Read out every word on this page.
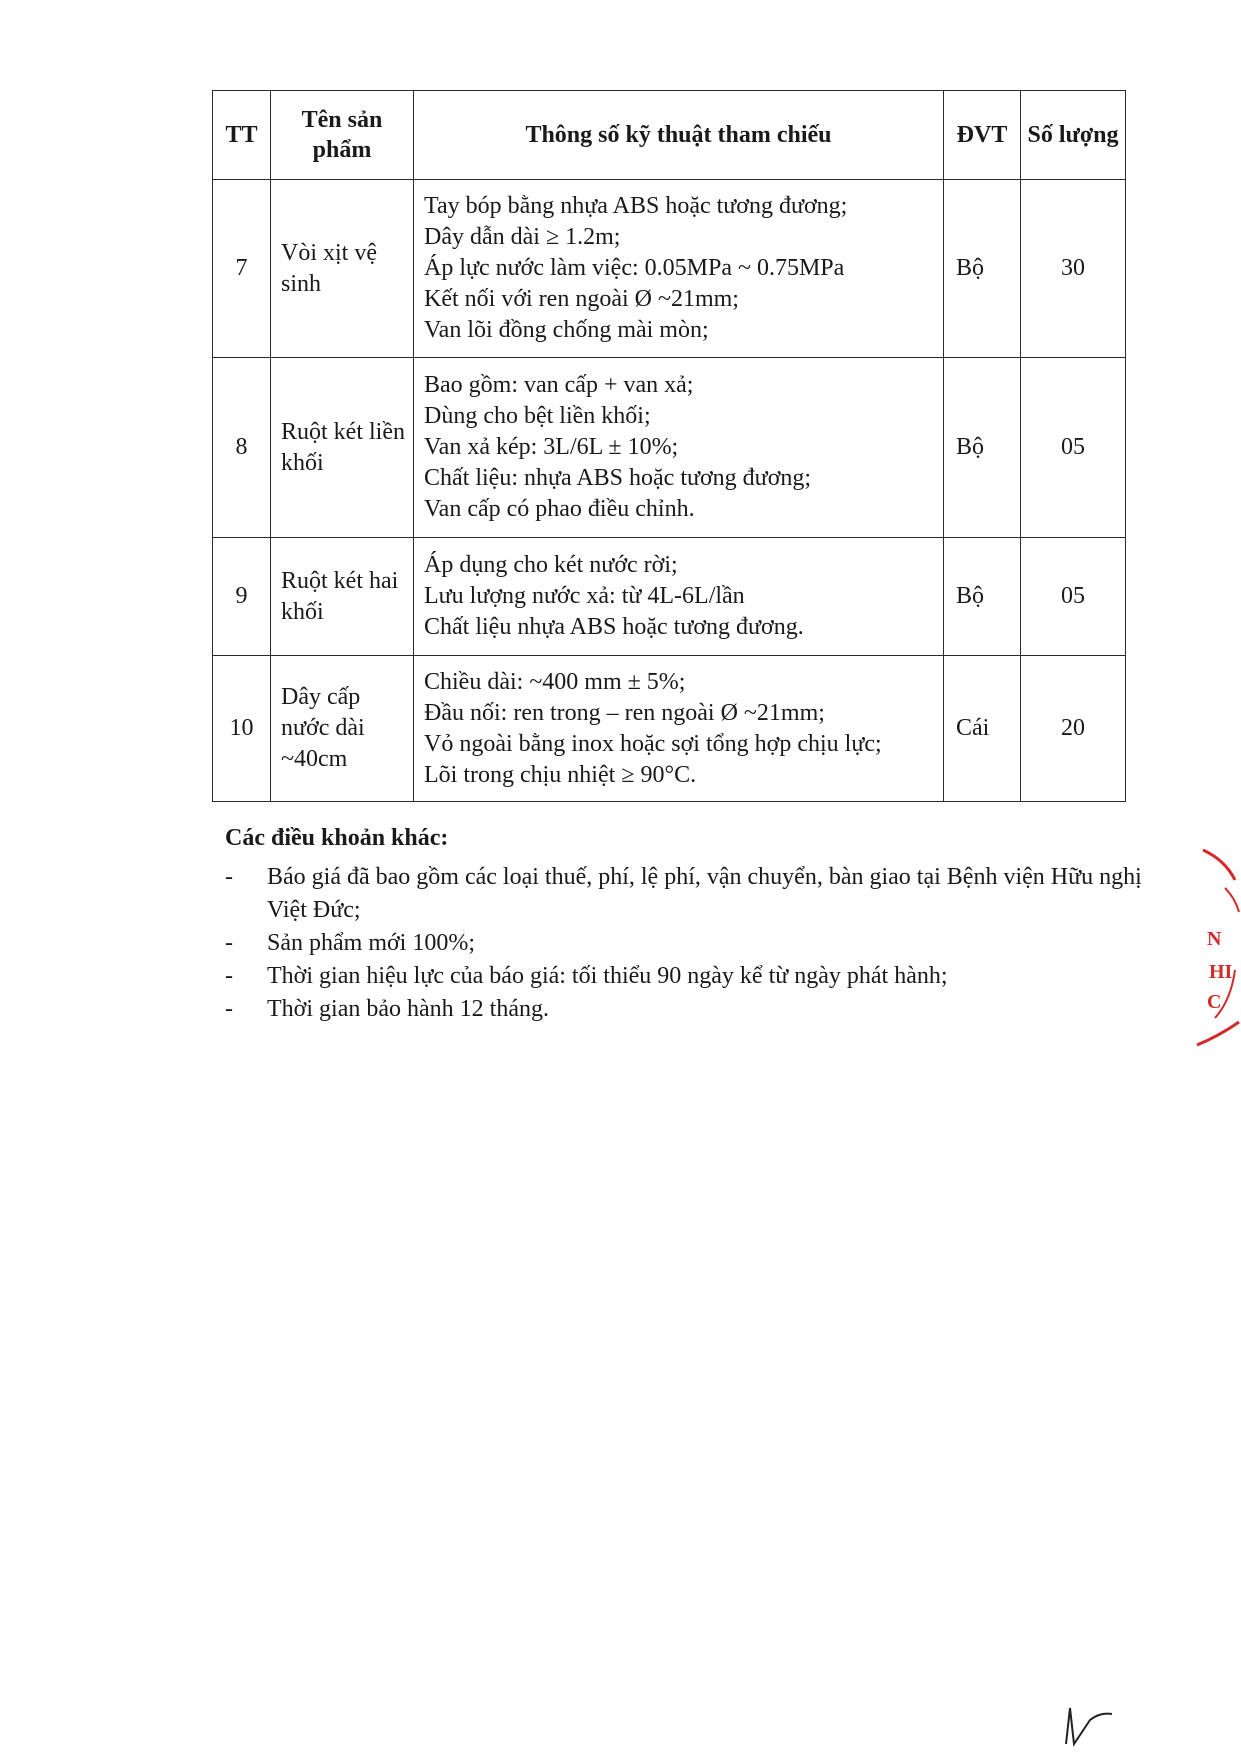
TT	Tên sản phẩm	Thông số kỹ thuật tham chiếu	ĐVT	Số lượng
7	Vòi xịt vệ sinh	Tay bóp bằng nhựa ABS hoặc tương đương;
Dây dẫn dài ≥ 1.2m;
Áp lực nước làm việc: 0.05MPa ~ 0.75MPa
Kết nối với ren ngoài Ø ~21mm;
Van lõi đồng chống mài mòn;	Bộ	30
8	Ruột két liền khối	Bao gồm: van cấp + van xả;
Dùng cho bệt liền khối;
Van xả kép: 3L/6L ± 10%;
Chất liệu: nhựa ABS hoặc tương đương;
Van cấp có phao điều chỉnh.	Bộ	05
9	Ruột két hai khối	Áp dụng cho két nước rời;
Lưu lượng nước xả: từ 4L-6L/lần
Chất liệu nhựa ABS hoặc tương đương.	Bộ	05
10	Dây cấp nước dài ~40cm	Chiều dài: ~400 mm ± 5%;
Đầu nối: ren trong – ren ngoài Ø ~21mm;
Vỏ ngoài bằng inox hoặc sợi tổng hợp chịu lực;
Lõi trong chịu nhiệt ≥ 90°C.	Cái	20
Các điều khoản khác:
- Báo giá đã bao gồm các loại thuế, phí, lệ phí, vận chuyển, bàn giao tại Bệnh viện Hữu nghị Việt Đức;
- Sản phẩm mới 100%;
- Thời gian hiệu lực của báo giá: tối thiểu 90 ngày kể từ ngày phát hành;
- Thời gian bảo hành 12 tháng.
N
HI
C
